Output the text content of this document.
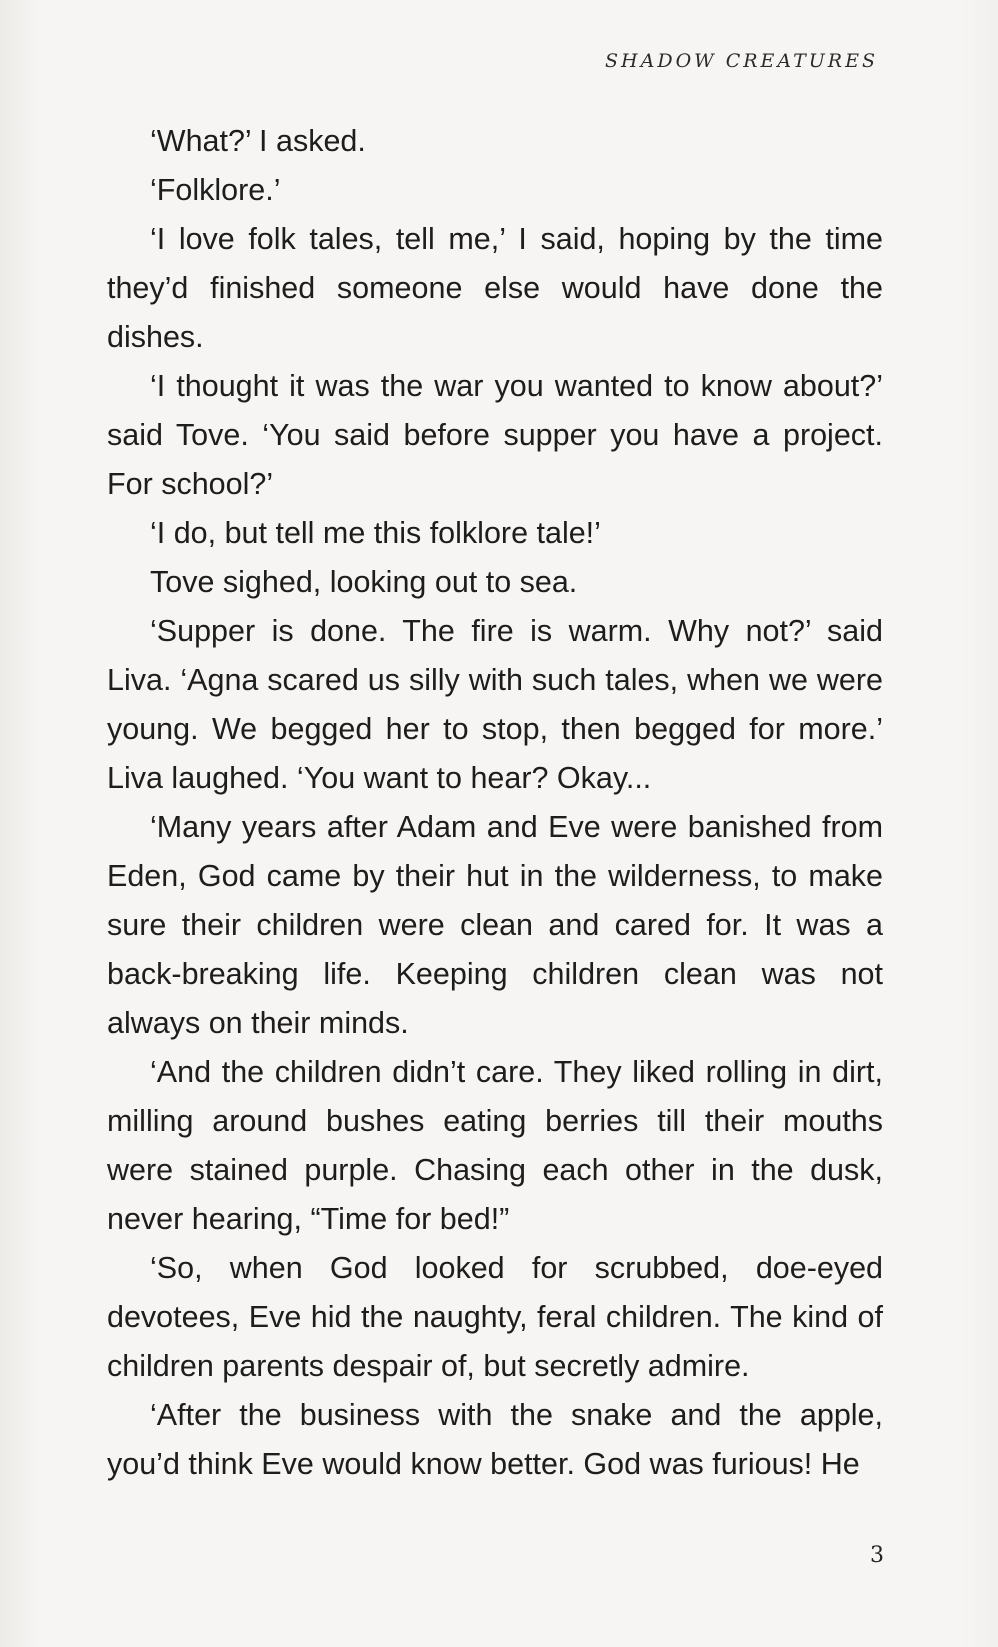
SHADOW CREATURES

‘What?’ I asked.

‘Folklore.’

‘I love folk tales, tell me,’ I said, hoping by the time they’d finished someone else would have done the dishes.

‘I thought it was the war you wanted to know about?’ said Tove. ‘You said before supper you have a project. For school?’

‘I do, but tell me this folklore tale!’

Tove sighed, looking out to sea.

‘Supper is done. The fire is warm. Why not?’ said Liva. ‘Agna scared us silly with such tales, when we were young. We begged her to stop, then begged for more.’ Liva laughed. ‘You want to hear? Okay...

‘Many years after Adam and Eve were banished from Eden, God came by their hut in the wilderness, to make sure their children were clean and cared for. It was a back-breaking life. Keeping children clean was not always on their minds.

‘And the children didn’t care. They liked rolling in dirt, milling around bushes eating berries till their mouths were stained purple. Chasing each other in the dusk, never hearing, “Time for bed!”

‘So, when God looked for scrubbed, doe-eyed devotees, Eve hid the naughty, feral children. The kind of children parents despair of, but secretly admire.

‘After the business with the snake and the apple, you’d think Eve would know better. God was furious! He

3
